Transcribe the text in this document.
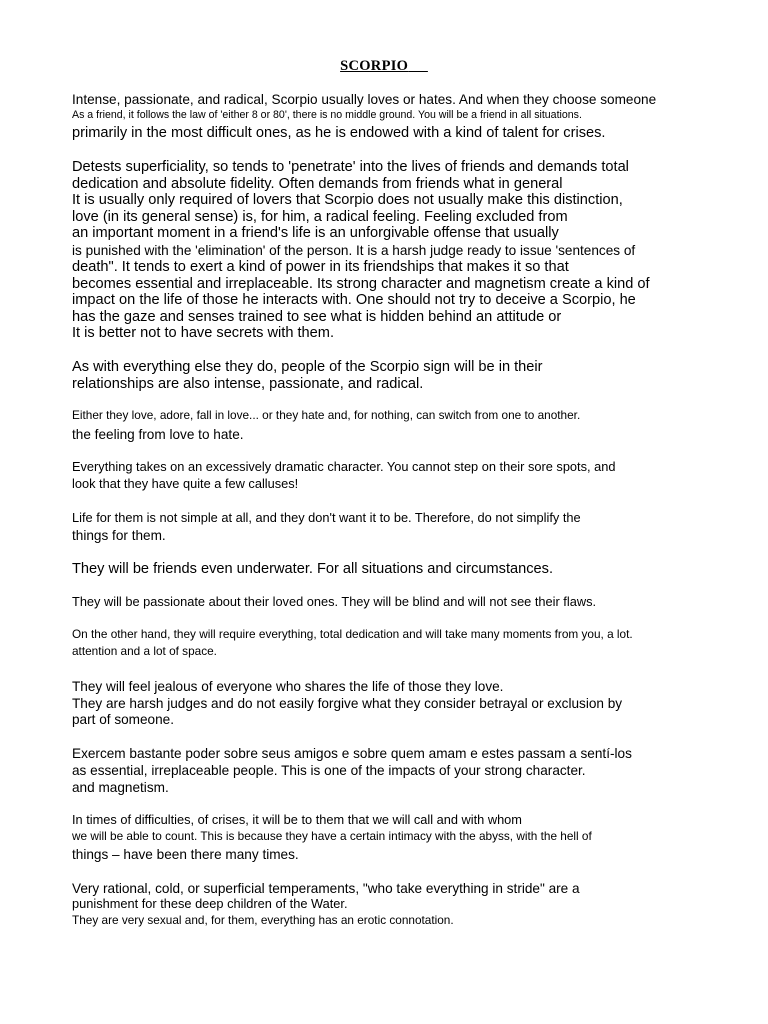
SCORPIO
Intense, passionate, and radical, Scorpio usually loves or hates. And when they choose someone
As a friend, it follows the law of 'either 8 or 80', there is no middle ground. You will be a friend in all situations.
primarily in the most difficult ones, as he is endowed with a kind of talent for crises.
Detests superficiality, so tends to 'penetrate' into the lives of friends and demands total
dedication and absolute fidelity. Often demands from friends what in general
It is usually only required of lovers that Scorpio does not usually make this distinction,
love (in its general sense) is, for him, a radical feeling. Feeling excluded from
an important moment in a friend's life is an unforgivable offense that usually
is punished with the 'elimination' of the person. It is a harsh judge ready to issue 'sentences of
death". It tends to exert a kind of power in its friendships that makes it so that
becomes essential and irreplaceable. Its strong character and magnetism create a kind of
impact on the life of those he interacts with. One should not try to deceive a Scorpio, he
has the gaze and senses trained to see what is hidden behind an attitude or
It is better not to have secrets with them.
As with everything else they do, people of the Scorpio sign will be in their
relationships are also intense, passionate, and radical.
Either they love, adore, fall in love... or they hate and, for nothing, can switch from one to another.
the feeling from love to hate.
Everything takes on an excessively dramatic character. You cannot step on their sore spots, and
look that they have quite a few calluses!
Life for them is not simple at all, and they don't want it to be. Therefore, do not simplify the
things for them.
They will be friends even underwater. For all situations and circumstances.
They will be passionate about their loved ones. They will be blind and will not see their flaws.
On the other hand, they will require everything, total dedication and will take many moments from you, a lot.
attention and a lot of space.
They will feel jealous of everyone who shares the life of those they love.
They are harsh judges and do not easily forgive what they consider betrayal or exclusion by
part of someone.
Exercem bastante poder sobre seus amigos e sobre quem amam e estes passam a sentí-los
as essential, irreplaceable people. This is one of the impacts of your strong character.
and magnetism.
In times of difficulties, of crises, it will be to them that we will call and with whom
we will be able to count. This is because they have a certain intimacy with the abyss, with the hell of
things – have been there many times.
Very rational, cold, or superficial temperaments, "who take everything in stride" are a
punishment for these deep children of the Water.
They are very sexual and, for them, everything has an erotic connotation.
